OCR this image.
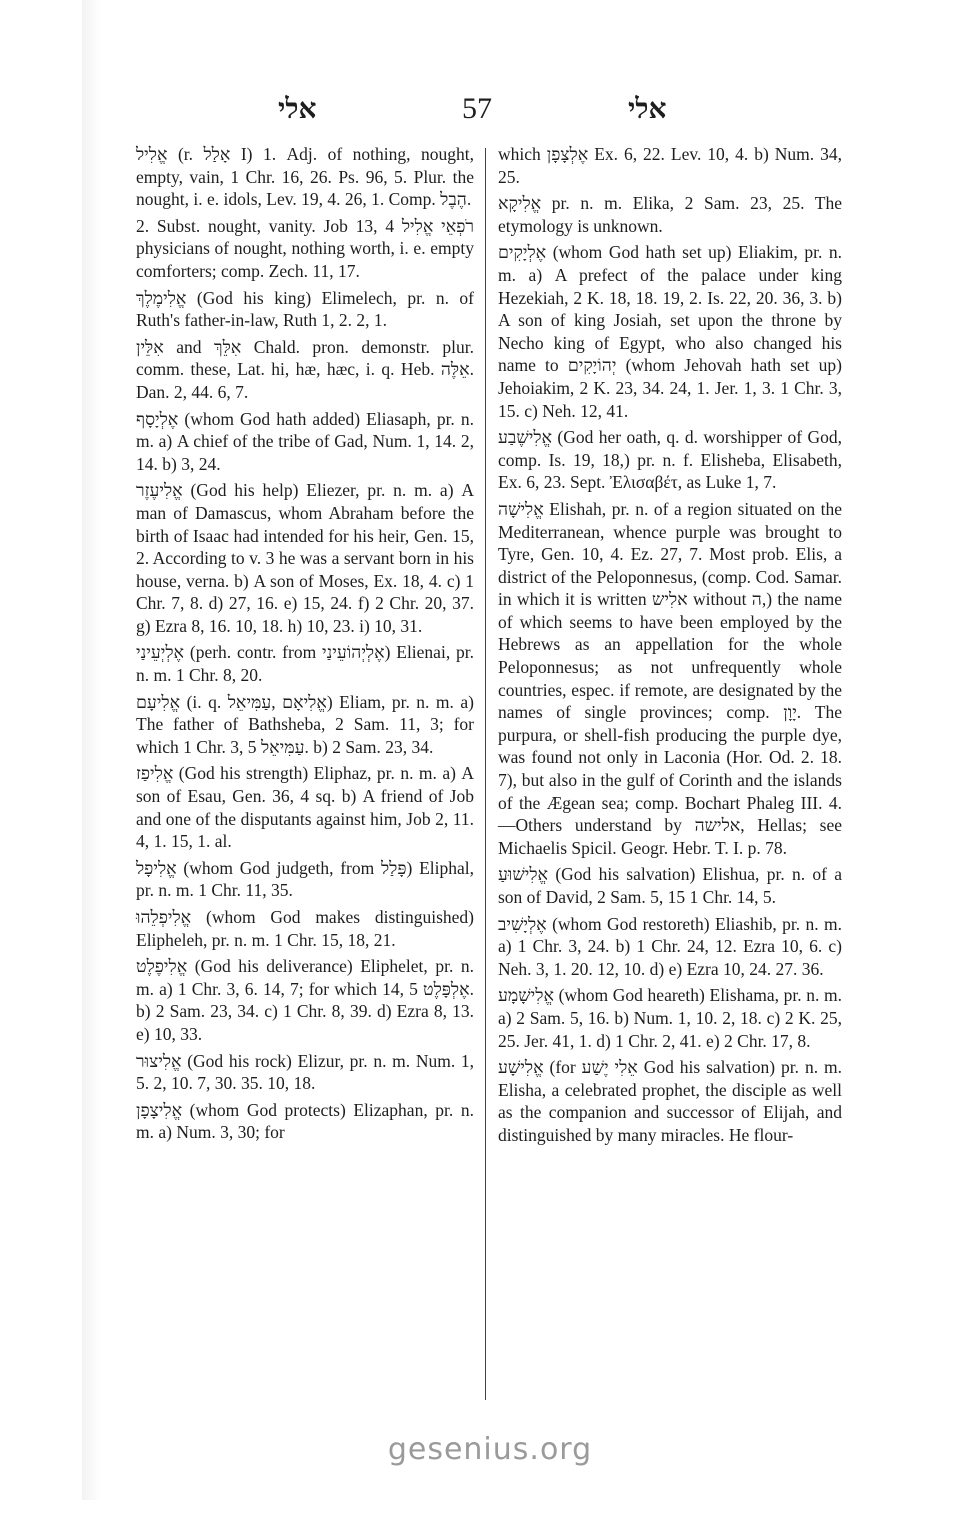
אלי	57	אלי

אֱלִיל (r. אָלַל I) 1. Adj. of nothing, nought, empty, vain, 1 Chr. 16, 26. Ps. 96, 5. Plur. the nought, i. e. idols, Lev. 19, 4. 26, 1. Comp. הֶבֶל.

2. Subst. nought, vanity. Job 13, 4 רֹפְאֵי אֱלִיל physicians of nought, nothing worth, i. e. empty comforters; comp. Zech. 11, 17.

אֱלִימֶלֶךְ (God his king) Elimelech, pr. n. of Ruth's father-in-law, Ruth 1, 2. 2, 1.

אִלֵּין and אִלֵּךְ Chald. pron. demonstr. plur. comm. these, Lat. hi, hæ, hæc, i. q. Heb. אֵלֶּה. Dan. 2, 44. 6, 7.

אֶלְיָסָף (whom God hath added) Eliasaph, pr. n. m. a) A chief of the tribe of Gad, Num. 1, 14. 2, 14. b) 3, 24.

אֱלִיעֶזֶר (God his help) Eliezer, pr. n. m. a) A man of Damascus, whom Abraham before the birth of Isaac had intended for his heir, Gen. 15, 2. According to v. 3 he was a servant born in his house, verna. b) A son of Moses, Ex. 18, 4. c) 1 Chr. 7, 8. d) 27, 16. e) 15, 24. f) 2 Chr. 20, 37. g) Ezra 8, 16. 10, 18. h) 10, 23. i) 10, 31.

אֶלְיְעֵינַי (perh. contr. from אֶלְיְהוֹעֵינַי) Elienai, pr. n. m. 1 Chr. 8, 20.

אֱלִיעָם (i. q. אֱלִיאָם ,עַמִּיאֵל) Eliam, pr. n. m. a) The father of Bathsheba, 2 Sam. 11, 3; for which 1 Chr. 3, 5 עַמִּיאֵל. b) 2 Sam. 23, 34.

אֱלִיפַז (God his strength) Eliphaz, pr. n. m. a) A son of Esau, Gen. 36, 4 sq. b) A friend of Job and one of the disputants against him, Job 2, 11. 4, 1. 15, 1. al.

אֱלִיפָל (whom God judgeth, from פָּלַל) Eliphal, pr. n. m. 1 Chr. 11, 35.

אֱלִיפְלֵהוּ (whom God makes distinguished) Elipheleh, pr. n. m. 1 Chr. 15, 18, 21.

אֱלִיפֶלֶט (God his deliverance) Eliphelet, pr. n. m. a) 1 Chr. 3, 6. 14, 7; for which 14, 5 אֶלְפָּלֶט. b) 2 Sam. 23, 34. c) 1 Chr. 8, 39. d) Ezra 8, 13. e) 10, 33.

אֱלִיצוּר (God his rock) Elizur, pr. n. m. Num. 1, 5. 2, 10. 7, 30. 35. 10, 18.

אֱלִיצָפָן (whom God protects) Elizaphan, pr. n. m. a) Num. 3, 30; for

which אֶלְצָפָן Ex. 6, 22. Lev. 10, 4. b) Num. 34, 25.

אֱלִיקָא pr. n. m. Elika, 2 Sam. 23, 25. The etymology is unknown.

אֶלְיָקִים (whom God hath set up) Eliakim, pr. n. m. a) A prefect of the palace under king Hezekiah, 2 K. 18, 18. 19, 2. Is. 22, 20. 36, 3. b) A son of king Josiah, set upon the throne by Necho king of Egypt, who also changed his name to יְהוֹיָקִים (whom Jehovah hath set up) Jehoiakim, 2 K. 23, 34. 24, 1. Jer. 1, 3. 1 Chr. 3, 15. c) Neh. 12, 41.

אֱלִישֶׁבַע (God her oath, q. d. worshipper of God, comp. Is. 19, 18,) pr. n. f. Elisheba, Elisabeth, Ex. 6, 23. Sept. Ἐλισαβέτ, as Luke 1, 7.

אֱלִישָׁה Elishah, pr. n. of a region situated on the Mediterranean, whence purple was brought to Tyre, Gen. 10, 4. Ez. 27, 7. Most prob. Elis, a district of the Peloponnesus, (comp. Cod. Samar. in which it is written אלִיש without ה,) the name of which seems to have been employed by the Hebrews as an appellation for the whole Peloponnesus; as not unfrequently whole countries, espec. if remote, are designated by the names of single provinces; comp. יָוָן. The purpura, or shell-fish producing the purple dye, was found not only in Laconia (Hor. Od. 2. 18. 7), but also in the gulf of Corinth and the islands of the Ægean sea; comp. Bochart Phaleg III. 4.—Others understand by אלישה, Hellas; see Michaelis Spicil. Geogr. Hebr. T. I. p. 78.

אֱלִישׁוּעַ (God his salvation) Elishua, pr. n. of a son of David, 2 Sam. 5, 15 1 Chr. 14, 5.

אֶלְיָשִׁיב (whom God restoreth) Eliashib, pr. n. m. a) 1 Chr. 3, 24. b) 1 Chr. 24, 12. Ezra 10, 6. c) Neh. 3, 1. 20. 12, 10. d) e) Ezra 10, 24. 27. 36.

אֱלִישָׁמָע (whom God heareth) Elishama, pr. n. m. a) 2 Sam. 5, 16. b) Num. 1, 10. 2, 18. c) 2 K. 25, 25. Jer. 41, 1. d) 1 Chr. 2, 41. e) 2 Chr. 17, 8.

אֱלִישָׁע (for אֵלִי יֶשַׁע God his salvation) pr. n. m. Elisha, a celebrated prophet, the disciple as well as the companion and successor of Elijah, and distinguished by many miracles. He flour-

gesenius.org
